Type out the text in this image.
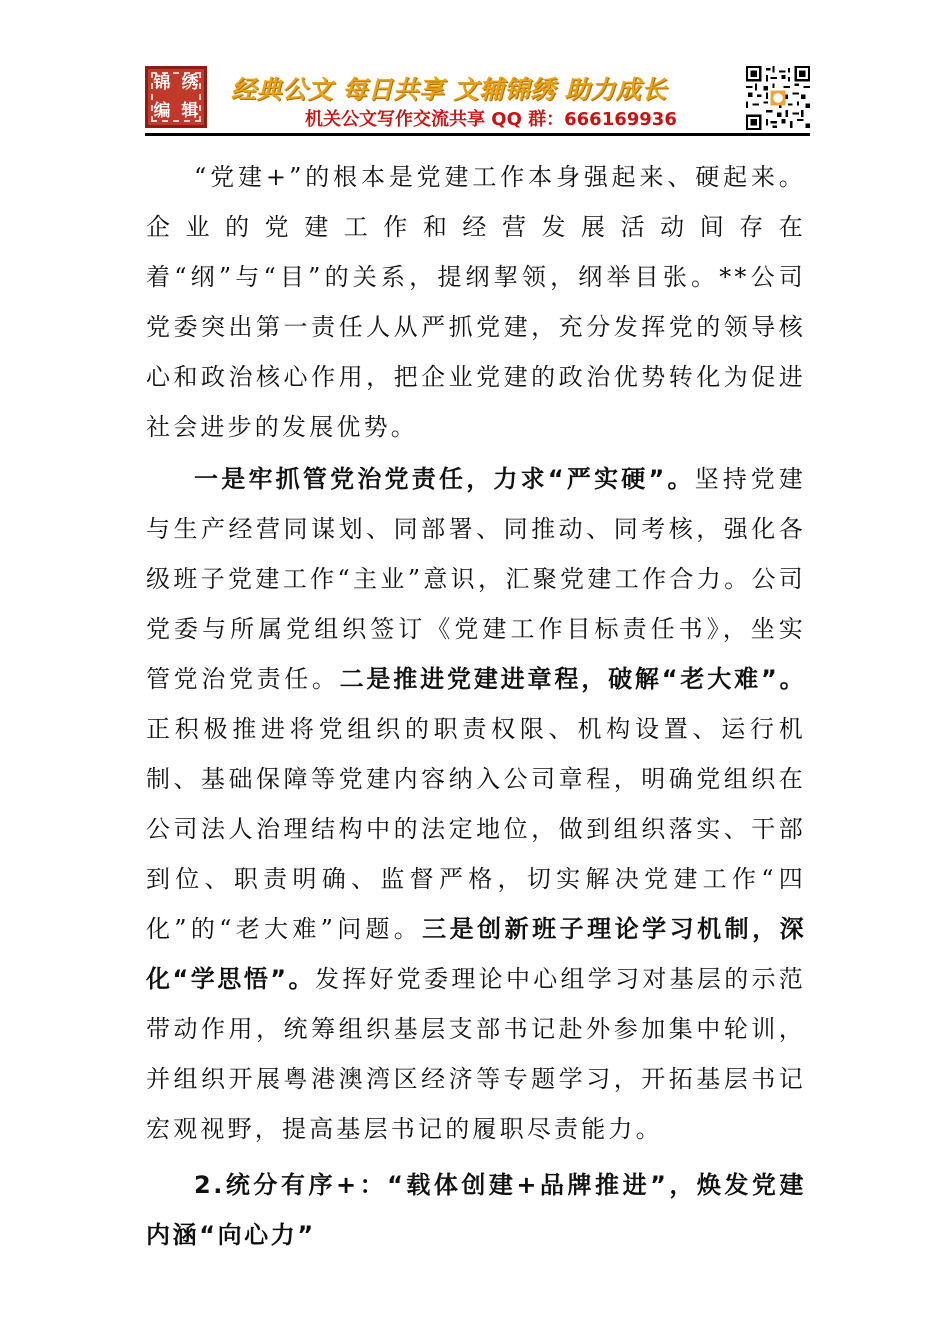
锦 绣
编 辑
经典公文 每日共享 文辅锦绣 助力成长
机关公文写作交流共享 QQ 群：666169936

“党建+”的根本是党建工作本身强起来、硬起来。企业的党建工作和经营发展活动间存在着“纲”与“目”的关系，提纲挈领，纲举目张。**公司党委突出第一责任人从严抓党建，充分发挥党的领导核心和政治核心作用，把企业党建的政治优势转化为促进社会进步的发展优势。

一是牢抓管党治党责任，力求“严实硬”。坚持党建与生产经营同谋划、同部署、同推动、同考核，强化各级班子党建工作“主业”意识，汇聚党建工作合力。公司党委与所属党组织签订《党建工作目标责任书》，坐实管党治党责任。二是推进党建进章程，破解“老大难”。正积极推进将党组织的职责权限、机构设置、运行机制、基础保障等党建内容纳入公司章程，明确党组织在公司法人治理结构中的法定地位，做到组织落实、干部到位、职责明确、监督严格，切实解决党建工作“四化”的“老大难”问题。三是创新班子理论学习机制，深化“学思悟”。发挥好党委理论中心组学习对基层的示范带动作用，统筹组织基层支部书记赴外参加集中轮训，并组织开展粤港澳湾区经济等专题学习，开拓基层书记宏观视野，提高基层书记的履职尽责能力。

2.统分有序+：“载体创建+品牌推进”，焕发党建内涵“向心力”
